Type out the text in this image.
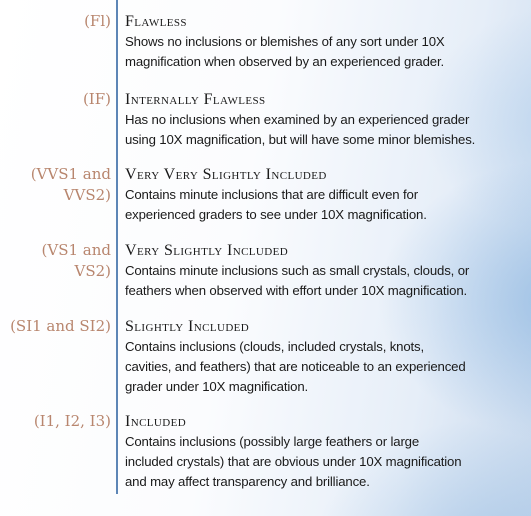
(Fl) Flawless
Shows no inclusions or blemishes of any sort under 10X
magnification when observed by an experienced grader.
(IF) Internally Flawless
Has no inclusions when examined by an experienced grader
using 10X magnification, but will have some minor blemishes.
(VVS1 and
VVS2)
Very Very Slightly Included
Contains minute inclusions that are difficult even for
experienced graders to see under 10X magnification.
(VS1 and
VS2)
Very Slightly Included
Contains minute inclusions such as small crystals, clouds, or
feathers when observed with effort under 10X magnification.
(SI1 and SI2) Slightly Included
Contains inclusions (clouds, included crystals, knots,
cavities, and feathers) that are noticeable to an experienced
grader under 10X magnification.
(I1, I2, I3) Included
Contains inclusions (possibly large feathers or large
included crystals) that are obvious under 10X magnification
and may affect transparency and brilliance.
